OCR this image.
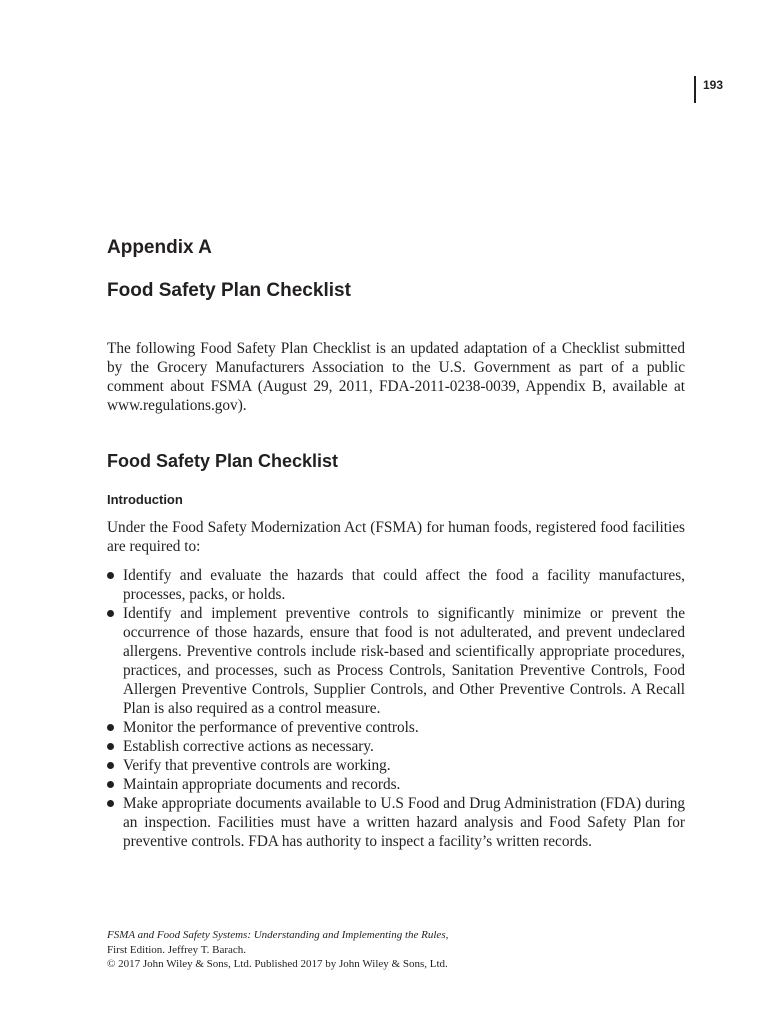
193
Appendix A
Food Safety Plan Checklist

The following Food Safety Plan Checklist is an updated adaptation of a Checklist submitted by the Grocery Manufacturers Association to the U.S. Government as part of a public comment about FSMA (August 29, 2011, FDA-2011-0238-0039, Appendix B, available at www.regulations.gov).

Food Safety Plan Checklist
Introduction

Under the Food Safety Modernization Act (FSMA) for human foods, registered food facilities are required to:

Identify and evaluate the hazards that could affect the food a facility manufactures, processes, packs, or holds.

Identify and implement preventive controls to significantly minimize or prevent the occurrence of those hazards, ensure that food is not adulterated, and prevent undeclared allergens. Preventive controls include risk-based and scientifically appropriate procedures, practices, and processes, such as Process Controls, Sanitation Preventive Controls, Food Allergen Preventive Controls, Supplier Controls, and Other Preventive Controls. A Recall Plan is also required as a control measure.

Monitor the performance of preventive controls.

Establish corrective actions as necessary.

Verify that preventive controls are working.

Maintain appropriate documents and records.

Make appropriate documents available to U.S Food and Drug Administration (FDA) during an inspection. Facilities must have a written hazard analysis and Food Safety Plan for preventive controls. FDA has authority to inspect a facility’s written records.

FSMA and Food Safety Systems: Understanding and Implementing the Rules,
First Edition. Jeffrey T. Barach.
© 2017 John Wiley & Sons, Ltd. Published 2017 by John Wiley & Sons, Ltd.
